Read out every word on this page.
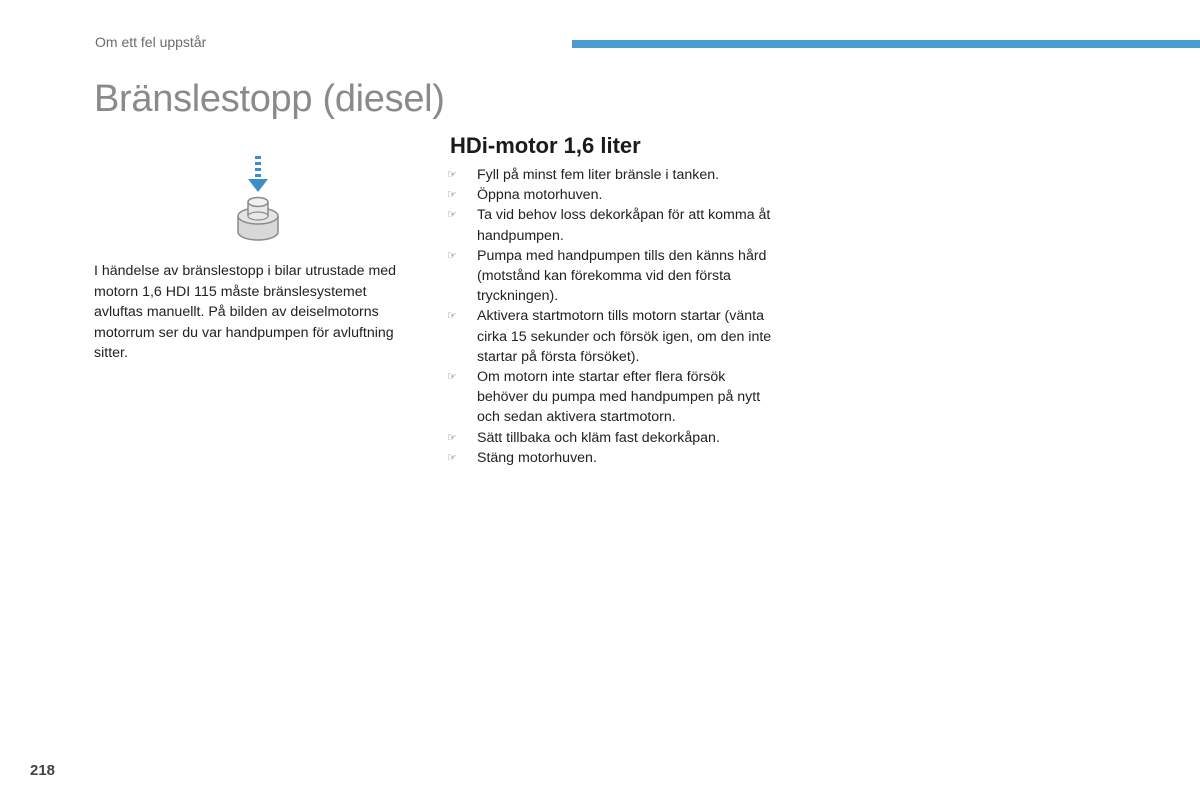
Om ett fel uppstår
Bränslestopp (diesel)

I händelse av bränslestopp i bilar utrustade med motorn 1,6 HDI 115 måste bränslesystemet avluftas manuellt. På bilden av deiselmotorns motorrum ser du var handpumpen för avluftning sitter.

HDi-motor 1,6 liter
☞	Fyll på minst fem liter bränsle i tanken.
☞	Öppna motorhuven.
☞	Ta vid behov loss dekorkåpan för att komma åt handpumpen.
☞	Pumpa med handpumpen tills den känns hård (motstånd kan förekomma vid den första tryckningen).
☞	Aktivera startmotorn tills motorn startar (vänta cirka 15 sekunder och försök igen, om den inte startar på första försöket).
☞	Om motorn inte startar efter flera försök behöver du pumpa med handpumpen på nytt och sedan aktivera startmotorn.
☞	Sätt tillbaka och kläm fast dekorkåpan.
☞	Stäng motorhuven.
218
